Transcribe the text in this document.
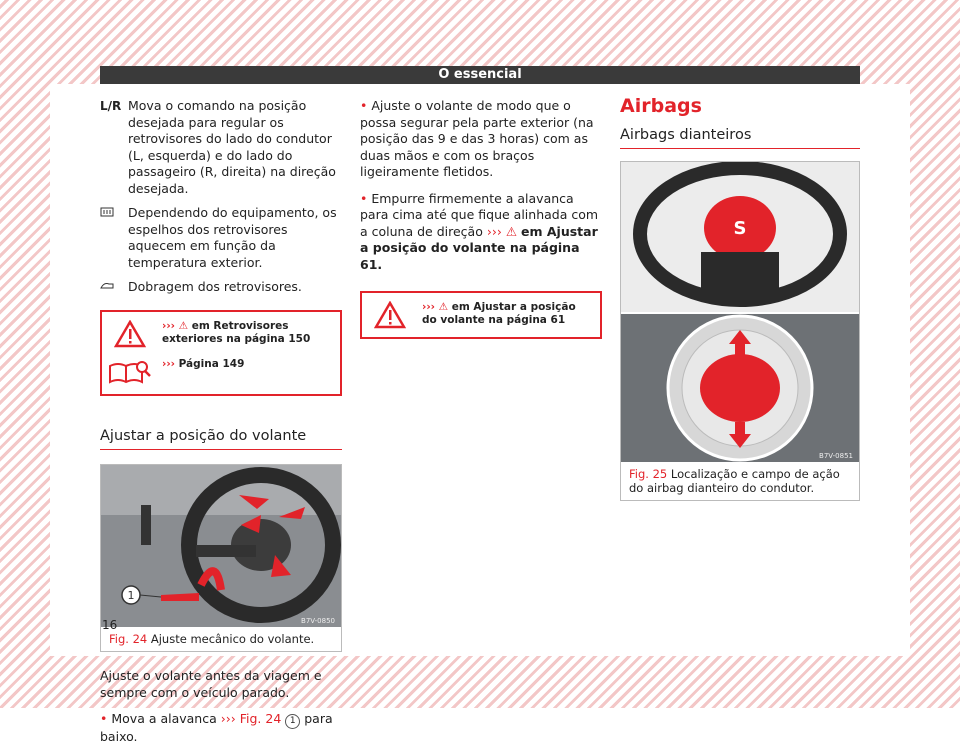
O essencial
L/R Mova o comando na posição desejada para regular os retrovisores do lado do condutor (L, esquerda) e do lado do passageiro (R, direita) na direção desejada.
Dependendo do equipamento, os espelhos dos retrovisores aquecem em função da temperatura exterior.
Dobragem dos retrovisores.
››› ⚠ em Retrovisores exteriores na página 150
››› Página 149
Ajustar a posição do volante
1
B7V-0850
Fig. 24 Ajuste mecânico do volante.
Ajuste o volante antes da viagem e sempre com o veículo parado.
• Mova a alavanca ››› Fig. 24 1 para baixo.
• Ajuste o volante de modo que o possa segurar pela parte exterior (na posição das 9 e das 3 horas) com as duas mãos e com os braços ligeiramente fletidos.
• Empurre firmemente a alavanca para cima até que fique alinhada com a coluna de direção ››› ⚠ em Ajustar a posição do volante na página 61.
››› ⚠ em Ajustar a posição do volante na página 61
Airbags
Airbags dianteiros
S
B7V-0851
Fig. 25 Localização e campo de ação do airbag dianteiro do condutor.
16
